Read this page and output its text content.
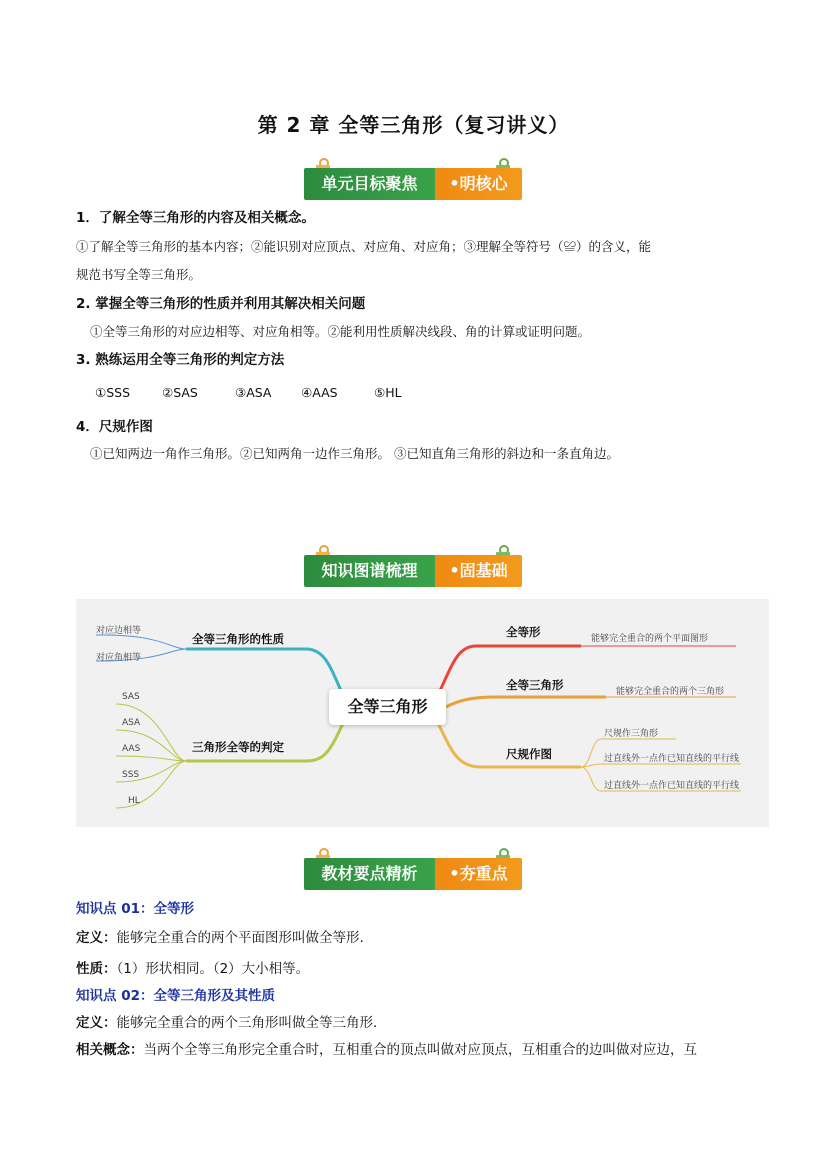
第 2 章 全等三角形（复习讲义）
单元目标聚焦	•明核心
1．了解全等三角形的内容及相关概念。
①了解全等三角形的基本内容；②能识别对应顶点、对应角、对应角；③理解全等符号（≌）的含义，能
规范书写全等三角形。
2. 掌握全等三角形的性质并利用其解决相关问题
①全等三角形的对应边相等、对应角相等。②能利用性质解决线段、角的计算或证明问题。
3. 熟练运用全等三角形的判定方法
①SSS	②SAS	③ASA ④AAS	⑤HL
4．尺规作图
①已知两边一角作三角形。②已知两角一边作三角形。 ③已知直角三角形的斜边和一条直角边。
知识图谱梳理	•固基础
全等三角形
全等三角形的性质
对应边相等
对应角相等
三角形全等的判定
SAS
ASA
AAS
SSS
HL
全等形	能够完全重合的两个平面图形
全等三角形	能够完全重合的两个三角形
尺规作图
尺规作三角形
过直线外一点作已知直线的平行线
过直线外一点作已知直线的平行线
教材要点精析	•夯重点
知识点 01：全等形
定义：能够完全重合的两个平面图形叫做全等形.
性质：（1）形状相同。（2）大小相等。
知识点 02：全等三角形及其性质
定义：能够完全重合的两个三角形叫做全等三角形.
相关概念：当两个全等三角形完全重合时，互相重合的顶点叫做对应顶点，互相重合的边叫做对应边，互
